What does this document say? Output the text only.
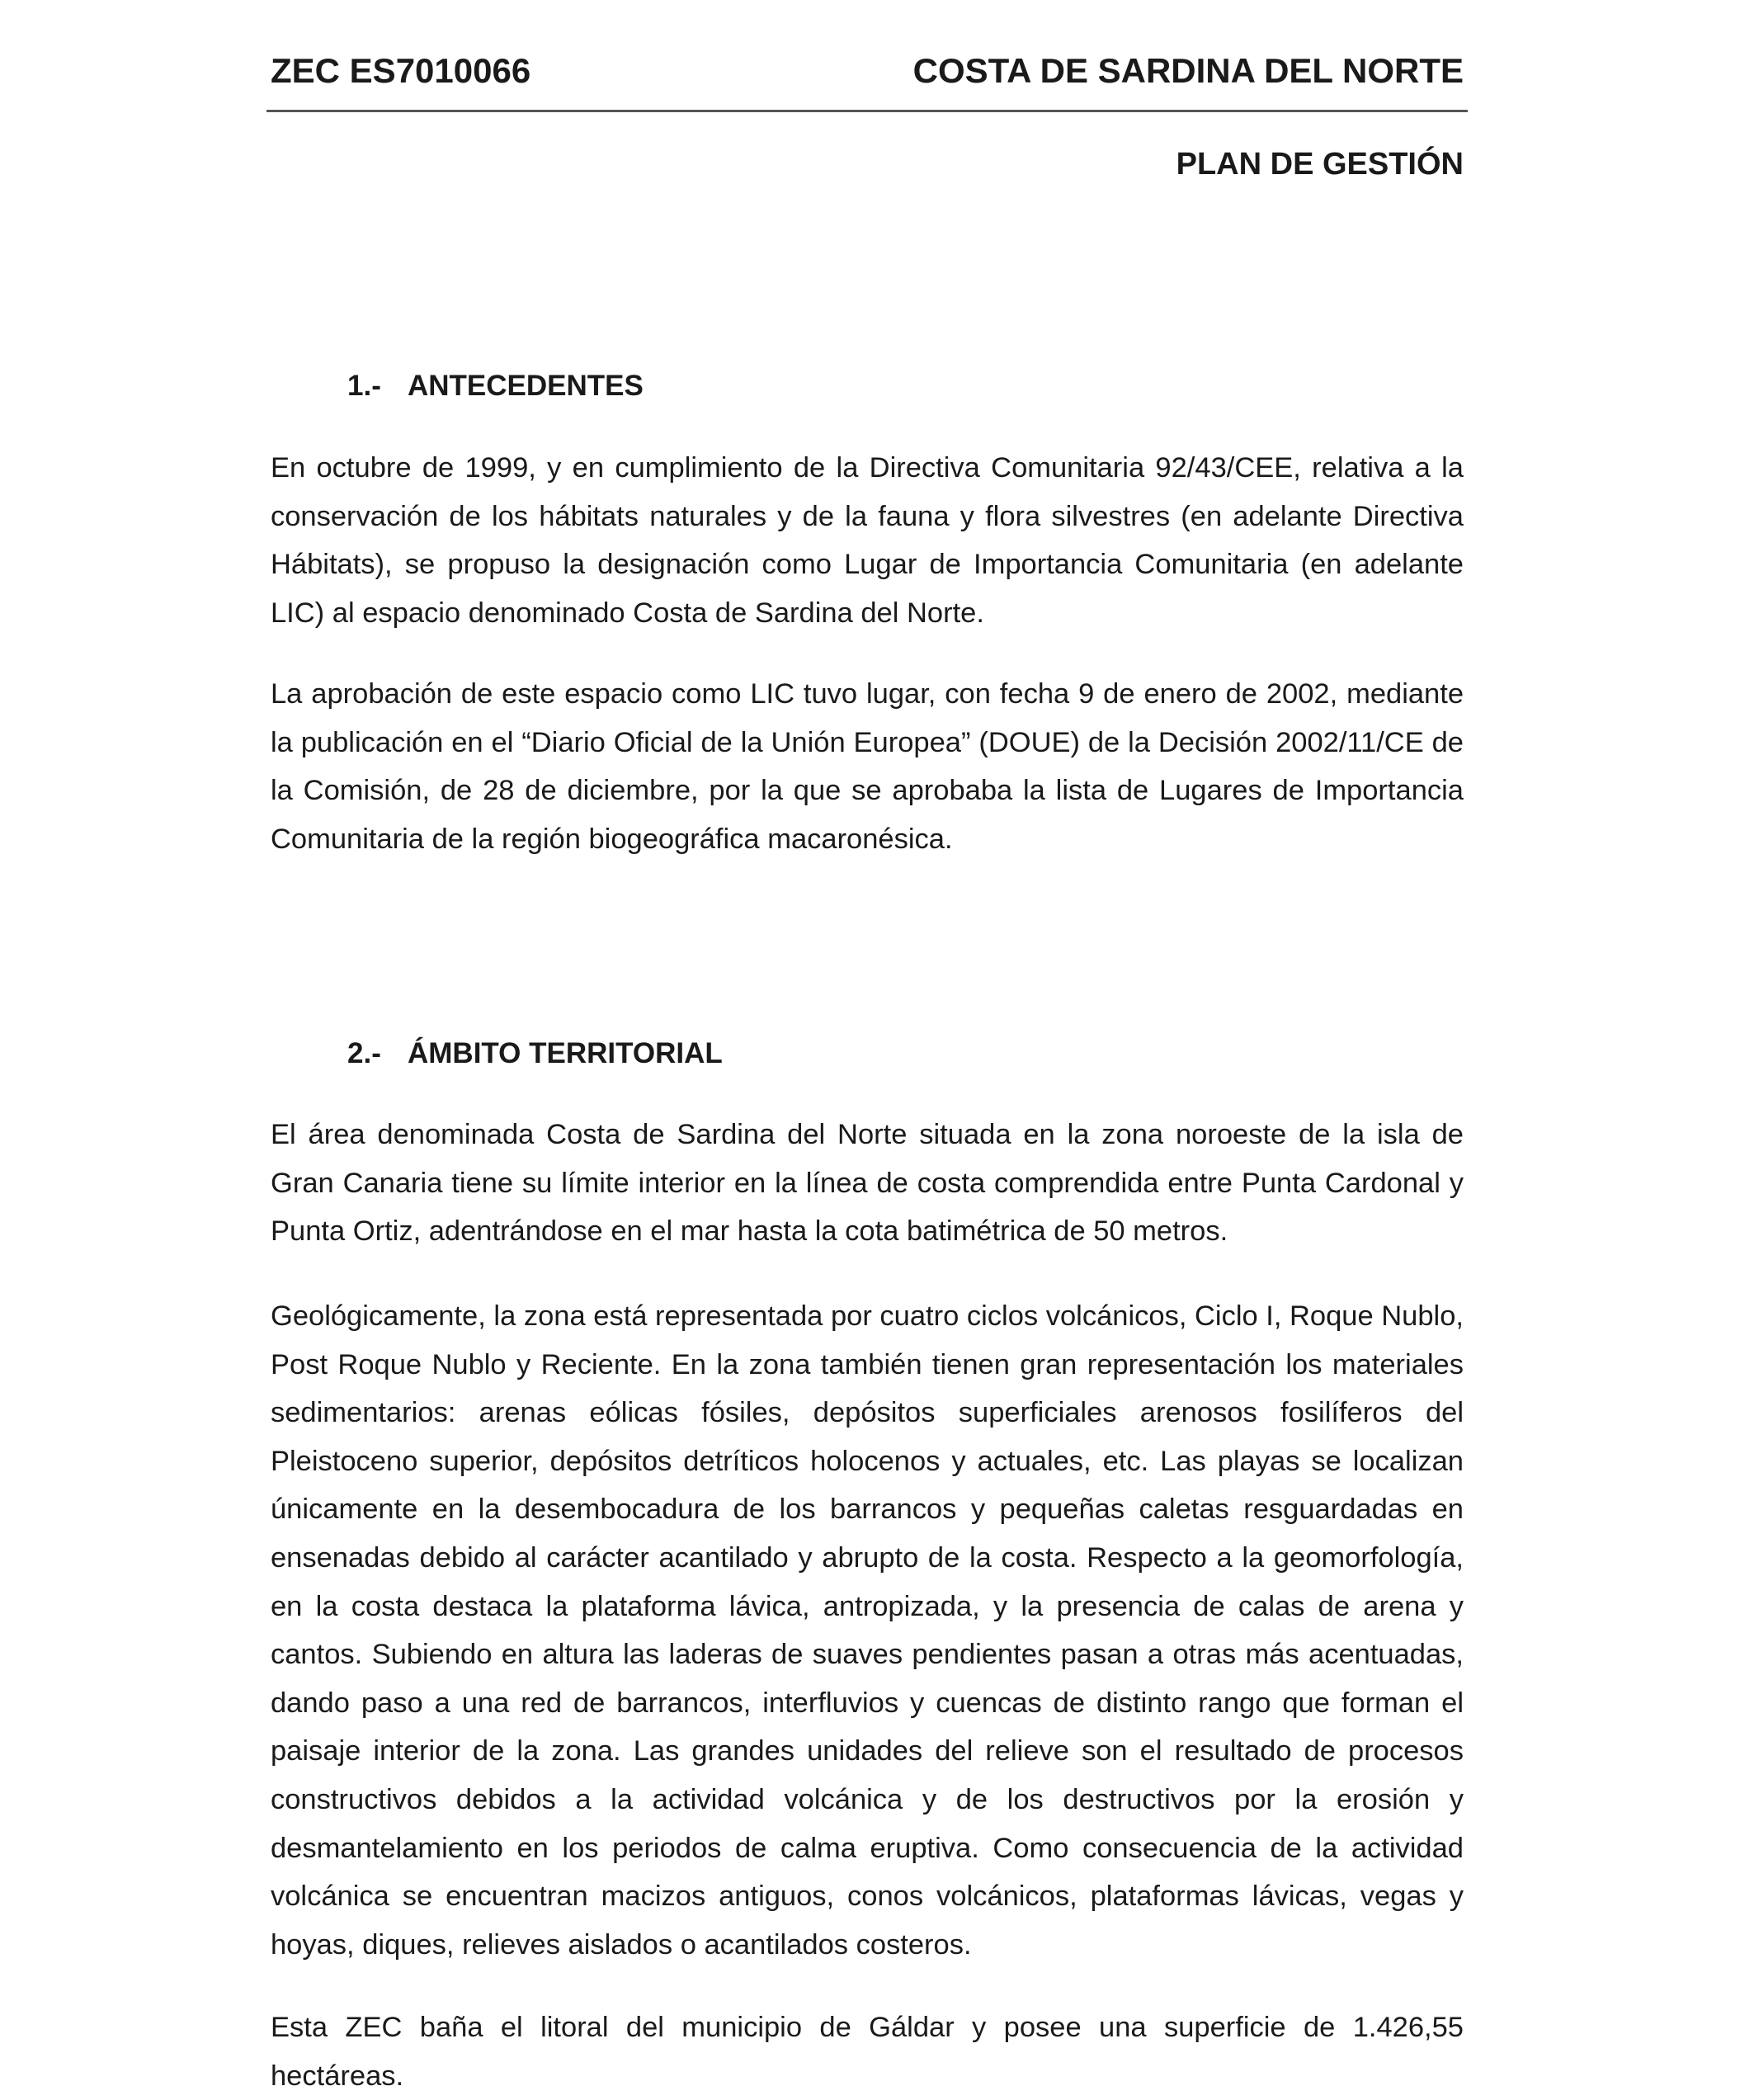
ZEC ES7010066	COSTA DE SARDINA DEL NORTE
PLAN DE GESTIÓN
1.- ANTECEDENTES

En octubre de 1999, y en cumplimiento de la Directiva Comunitaria 92/43/CEE, relativa a la conservación de los hábitats naturales y de la fauna y flora silvestres (en adelante Directiva Hábitats), se propuso la designación como Lugar de Importancia Comunitaria (en adelante LIC) al espacio denominado Costa de Sardina del Norte.

La aprobación de este espacio como LIC tuvo lugar, con fecha 9 de enero de 2002, mediante la publicación en el “Diario Oficial de la Unión Europea” (DOUE) de la Decisión 2002/11/CE de la Comisión, de 28 de diciembre, por la que se aprobaba la lista de Lugares de Importancia Comunitaria de la región biogeográfica macaronésica.

2.- ÁMBITO TERRITORIAL

El área denominada Costa de Sardina del Norte situada en la zona noroeste de la isla de Gran Canaria tiene su límite interior en la línea de costa comprendida entre Punta Cardonal y Punta Ortiz, adentrándose en el mar hasta la cota batimétrica de 50 metros.

Geológicamente, la zona está representada por cuatro ciclos volcánicos, Ciclo I, Roque Nublo, Post Roque Nublo y Reciente. En la zona también tienen gran representación los materiales sedimentarios: arenas eólicas fósiles, depósitos superficiales arenosos fosilíferos del Pleistoceno superior, depósitos detríticos holocenos y actuales, etc. Las playas se localizan únicamente en la desembocadura de los barrancos y pequeñas caletas resguardadas en ensenadas debido al carácter acantilado y abrupto de la costa. Respecto a la geomorfología, en la costa destaca la plataforma lávica, antropizada, y la presencia de calas de arena y cantos. Subiendo en altura las laderas de suaves pendientes pasan a otras más acentuadas, dando paso a una red de barrancos, interfluvios y cuencas de distinto rango que forman el paisaje interior de la zona. Las grandes unidades del relieve son el resultado de procesos constructivos debidos a la actividad volcánica y de los destructivos por la erosión y desmantelamiento en los periodos de calma eruptiva. Como consecuencia de la actividad volcánica se encuentran macizos antiguos, conos volcánicos, plataformas lávicas, vegas y hoyas, diques, relieves aislados o acantilados costeros.

Esta ZEC baña el litoral del municipio de Gáldar y posee una superficie de 1.426,55 hectáreas.
